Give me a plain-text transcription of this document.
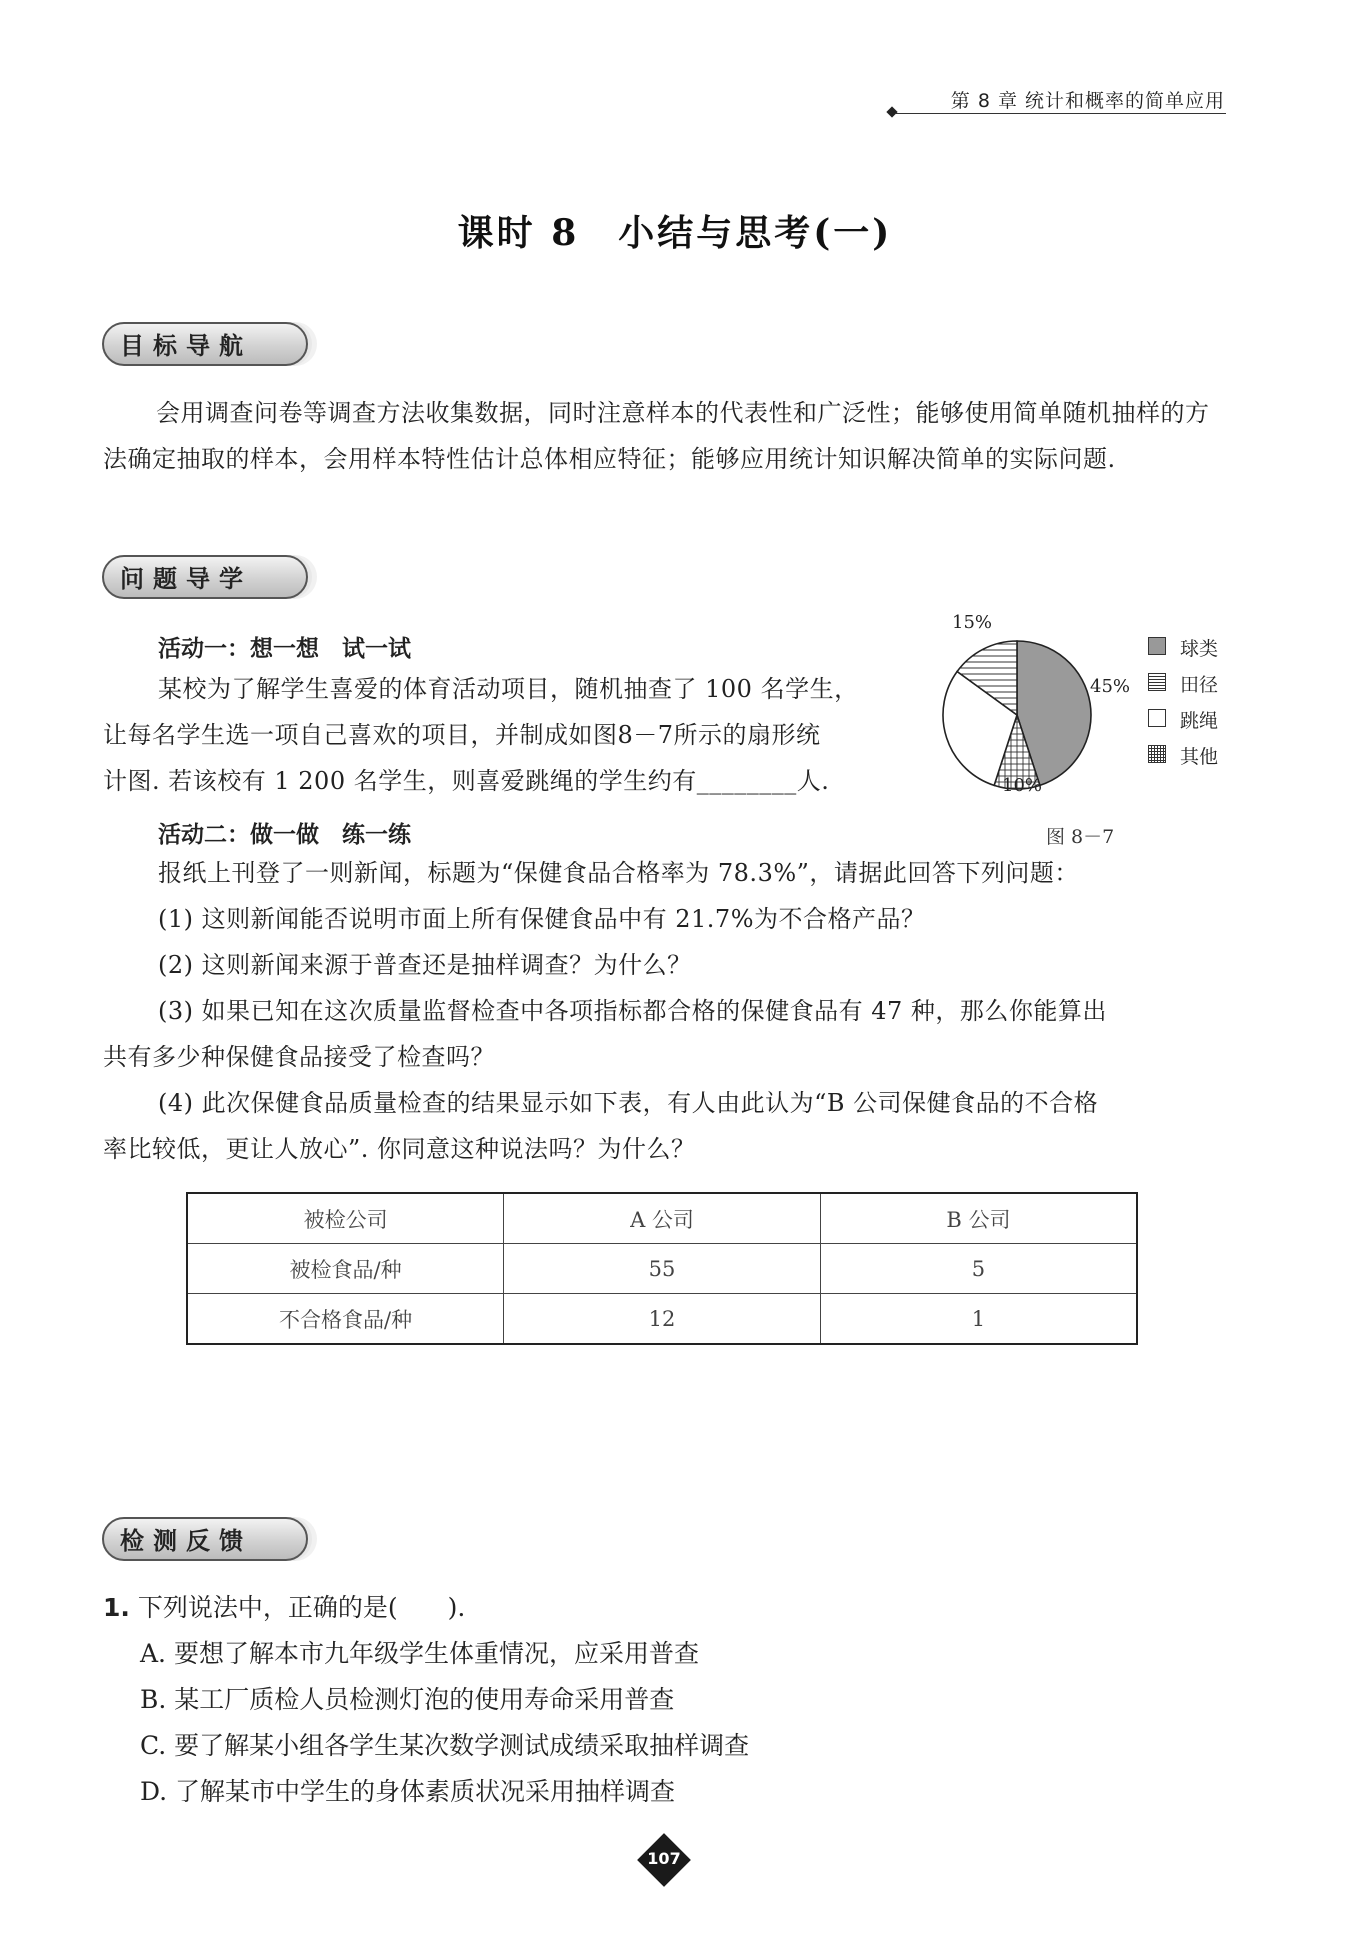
第 8 章 统计和概率的简单应用
课时 8　小结与思考(一)
目标导航
会用调查问卷等调查方法收集数据，同时注意样本的代表性和广泛性；能够使用简单随机抽样的方法确定抽取的样本，会用样本特性估计总体相应特征；能够应用统计知识解决简单的实际问题.
问题导学
活动一：想一想　试一试
某校为了解学生喜爱的体育活动项目，随机抽查了 100 名学生，
让每名学生选一项自己喜欢的项目，并制成如图8－7所示的扇形统
计图. 若该校有 1 200 名学生，则喜爱跳绳的学生约有________人.
15%
45%
10%
球类
田径
跳绳
其他
图 8－7
活动二：做一做　练一练
报纸上刊登了一则新闻，标题为“保健食品合格率为 78.3%”，请据此回答下列问题：
(1) 这则新闻能否说明市面上所有保健食品中有 21.7%为不合格产品？
(2) 这则新闻来源于普查还是抽样调查？为什么？
(3) 如果已知在这次质量监督检查中各项指标都合格的保健食品有 47 种，那么你能算出
共有多少种保健食品接受了检查吗？
(4) 此次保健食品质量检查的结果显示如下表，有人由此认为“B 公司保健食品的不合格
率比较低，更让人放心”. 你同意这种说法吗？为什么？
被检公司	A 公司	B 公司
被检食品/种	55	5
不合格食品/种	12	1
检测反馈
1. 下列说法中，正确的是(　　).
A. 要想了解本市九年级学生体重情况，应采用普查
B. 某工厂质检人员检测灯泡的使用寿命采用普查
C. 要了解某小组各学生某次数学测试成绩采取抽样调查
D. 了解某市中学生的身体素质状况采用抽样调查
107
